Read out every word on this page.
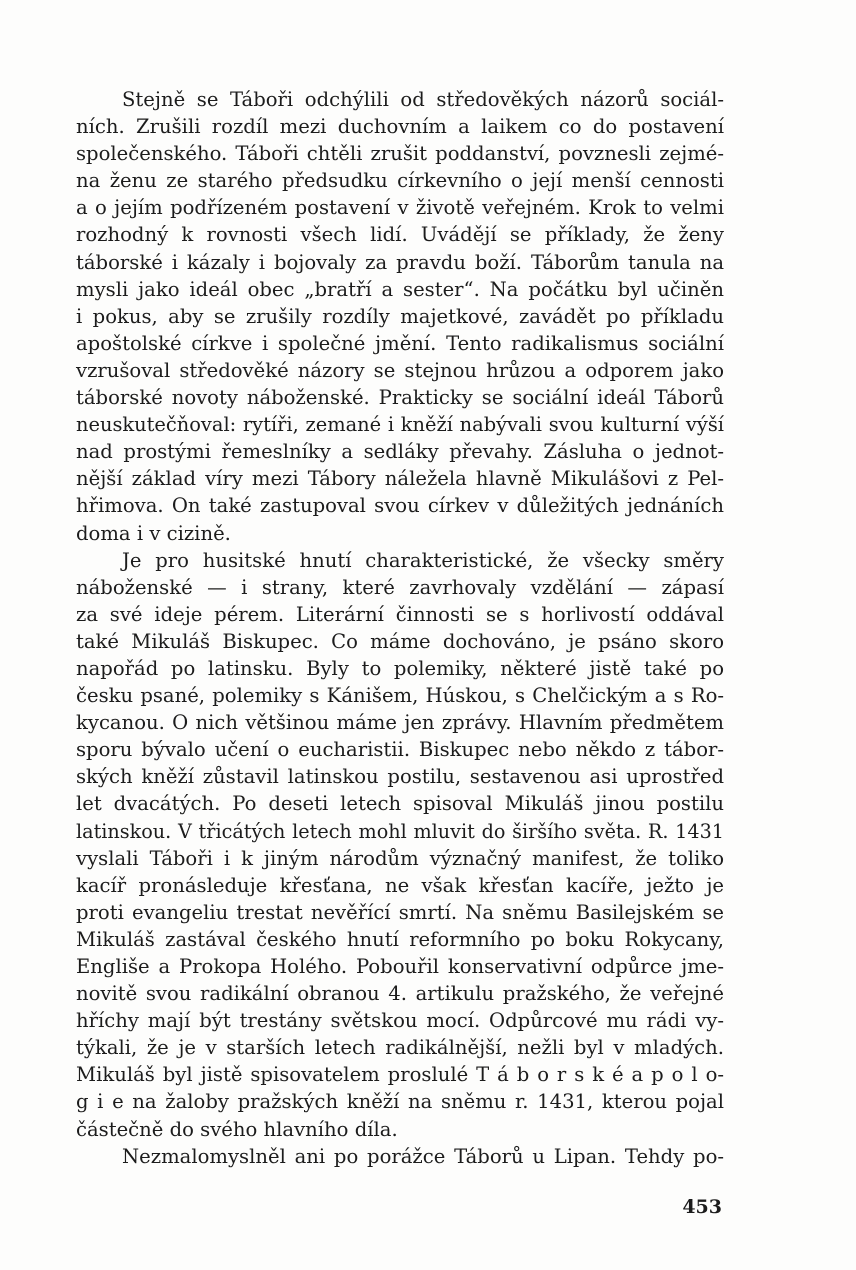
Stejně se Táboři odchýlili od středověkých názorů sociál-
ních. Zrušili rozdíl mezi duchovním a laikem co do postavení
společenského. Táboři chtěli zrušit poddanství, povznesli zejmé-
na ženu ze starého předsudku církevního o její menší cennosti
a o jejím podřízeném postavení v životě veřejném. Krok to velmi
rozhodný k rovnosti všech lidí. Uvádějí se příklady, že ženy
táborské i kázaly i bojovaly za pravdu boží. Táborům tanula na
mysli jako ideál obec „bratří a sester“. Na počátku byl učiněn
i pokus, aby se zrušily rozdíly majetkové, zavádět po příkladu
apoštolské církve i společné jmění. Tento radikalismus sociální
vzrušoval středověké názory se stejnou hrůzou a odporem jako
táborské novoty náboženské. Prakticky se sociální ideál Táborů
neuskutečňoval: rytíři, zemané i kněží nabývali svou kulturní výší
nad prostými řemeslníky a sedláky převahy. Zásluha o jednot-
nější základ víry mezi Tábory náležela hlavně Mikulášovi z Pel-
hřimova. On také zastupoval svou církev v důležitých jednáních
doma i v cizině.
Je pro husitské hnutí charakteristické, že všecky směry
náboženské — i strany, které zavrhovaly vzdělání — zápasí
za své ideje pérem. Literární činnosti se s horlivostí oddával
také Mikuláš Biskupec. Co máme dochováno, je psáno skoro
napořád po latinsku. Byly to polemiky, některé jistě také po
česku psané, polemiky s Kánišem, Húskou, s Chelčickým a s Ro-
kycanou. O nich většinou máme jen zprávy. Hlavním předmětem
sporu bývalo učení o eucharistii. Biskupec nebo někdo z tábor-
ských kněží zůstavil latinskou postilu, sestavenou asi uprostřed
let dvacátých. Po deseti letech spisoval Mikuláš jinou postilu
latinskou. V třicátých letech mohl mluvit do širšího světa. R. 1431
vyslali Táboři i k jiným národům význačný manifest, že toliko
kacíř pronásleduje křesťana, ne však křesťan kacíře, ježto je
proti evangeliu trestat nevěřící smrtí. Na sněmu Basilejském se
Mikuláš zastával českého hnutí reformního po boku Rokycany,
Engliše a Prokopa Holého. Pobouřil konservativní odpůrce jme-
novitě svou radikální obranou 4. artikulu pražského, že veřejné
hříchy mají být trestány světskou mocí. Odpůrcové mu rádi vy-
týkali, že je v starších letech radikálnější, nežli byl v mladých.
Mikuláš byl jistě spisovatelem proslulé T á b o r s k é a p o l o-
g i e na žaloby pražských kněží na sněmu r. 1431, kterou pojal
částečně do svého hlavního díla.
Nezmalomyslněl ani po porážce Táborů u Lipan. Tehdy po-
453
